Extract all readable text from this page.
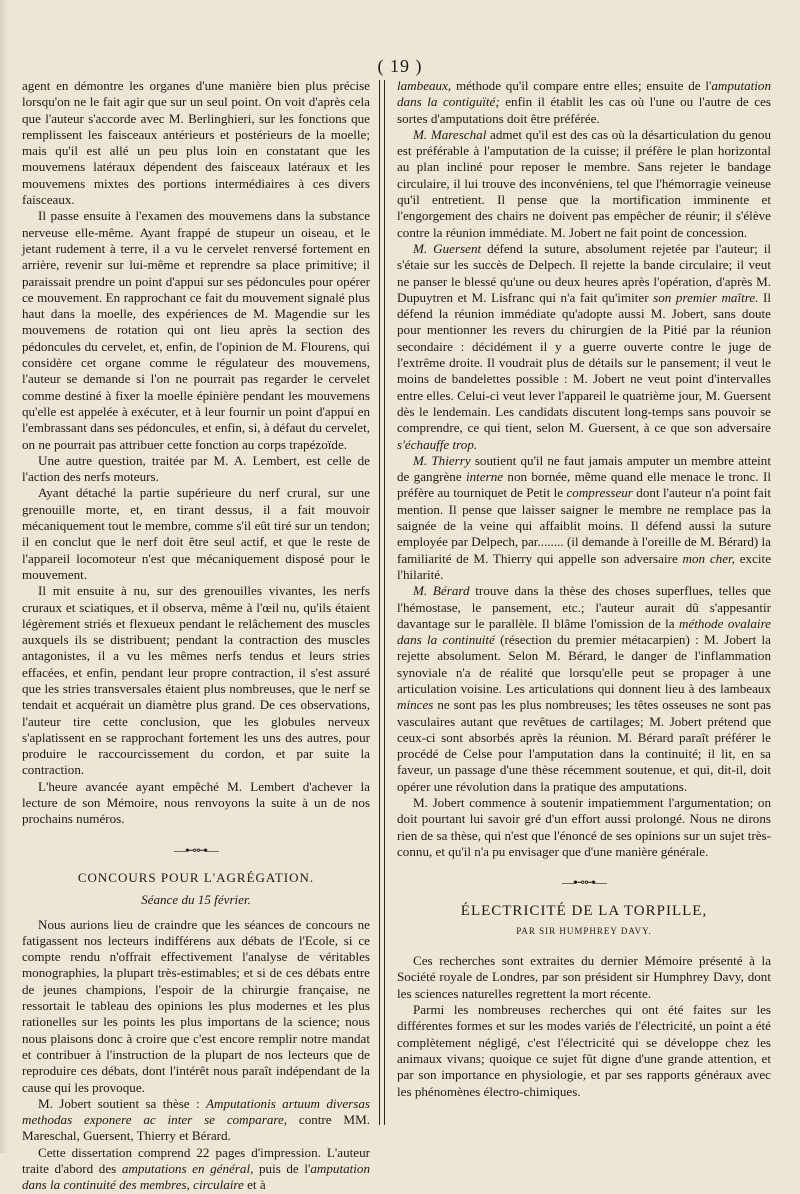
( 19 )

agent en démontre les organes d'une manière bien plus précise lorsqu'on ne le fait agir que sur un seul point. On voit d'après cela que l'auteur s'accorde avec M. Berlinghieri, sur les fonctions que remplissent les faisceaux antérieurs et postérieurs de la moelle; mais qu'il est allé un peu plus loin en constatant que les mouvemens latéraux dépendent des faisceaux latéraux et les mouvemens mixtes des portions intermédiaires à ces divers faisceaux.

Il passe ensuite à l'examen des mouvemens dans la substance nerveuse elle-même. Ayant frappé de stupeur un oiseau, et le jetant rudement à terre, il a vu le cervelet renversé fortement en arrière, revenir sur lui-même et reprendre sa place primitive; il paraissait prendre un point d'appui sur ses pédoncules pour opérer ce mouvement. En rapprochant ce fait du mouvement signalé plus haut dans la moelle, des expériences de M. Magendie sur les mouvemens de rotation qui ont lieu après la section des pédoncules du cervelet, et, enfin, de l'opinion de M. Flourens, qui considère cet organe comme le régulateur des mouvemens, l'auteur se demande si l'on ne pourrait pas regarder le cervelet comme destiné à fixer la moelle épinière pendant les mouvemens qu'elle est appelée à exécuter, et à leur fournir un point d'appui en l'embrassant dans ses pédoncules, et enfin, si, à défaut du cervelet, on ne pourrait pas attribuer cette fonction au corps trapézoïde.

Une autre question, traitée par M. A. Lembert, est celle de l'action des nerfs moteurs.

Ayant détaché la partie supérieure du nerf crural, sur une grenouille morte, et, en tirant dessus, il a fait mouvoir mécaniquement tout le membre, comme s'il eût tiré sur un tendon; il en conclut que le nerf doit être seul actif, et que le reste de l'appareil locomoteur n'est que mécaniquement disposé pour le mouvement.

Il mit ensuite à nu, sur des grenouilles vivantes, les nerfs cruraux et sciatiques, et il observa, même à l'œil nu, qu'ils étaient légèrement striés et flexueux pendant le relâchement des muscles auxquels ils se distribuent; pendant la contraction des muscles antagonistes, il a vu les mêmes nerfs tendus et leurs stries effacées, et enfin, pendant leur propre contraction, il s'est assuré que les stries transversales étaient plus nombreuses, que le nerf se tendait et acquérait un diamètre plus grand. De ces observations, l'auteur tire cette conclusion, que les globules nerveux s'aplatissent en se rapprochant fortement les uns des autres, pour produire le raccourcissement du cordon, et par suite la contraction.

L'heure avancée ayant empêché M. Lembert d'achever la lecture de son Mémoire, nous renvoyons la suite à un de nos prochains numéros.

—⊷⊶—
CONCOURS POUR L'AGRÉGATION.
Séance du 15 février.

Nous aurions lieu de craindre que les séances de concours ne fatigassent nos lecteurs indifférens aux débats de l'Ecole, si ce compte rendu n'offrait effectivement l'analyse de véritables monographies, la plupart très-estimables; et si de ces débats entre de jeunes champions, l'espoir de la chirurgie française, ne ressortait le tableau des opinions les plus modernes et les plus rationelles sur les points les plus importans de la science; nous nous plaisons donc à croire que c'est encore remplir notre mandat et contribuer à l'instruction de la plupart de nos lecteurs que de reproduire ces débats, dont l'intérêt nous paraît indépendant de la cause qui les provoque.

M. Jobert soutient sa thèse : Amputationis artuum diversas methodas exponere ac inter se comparare, contre MM. Mareschal, Guersent, Thierry et Bérard.

Cette dissertation comprend 22 pages d'impression. L'auteur traite d'abord des amputations en général, puis de l'amputation dans la continuité des membres, circulaire et à

lambeaux, méthode qu'il compare entre elles; ensuite de l'amputation dans la contiguïté; enfin il établit les cas où l'une ou l'autre de ces sortes d'amputations doit être préférée.

M. Mareschal admet qu'il est des cas où la désarticulation du genou est préférable à l'amputation de la cuisse; il préfère le plan horizontal au plan incliné pour reposer le membre. Sans rejeter le bandage circulaire, il lui trouve des inconvéniens, tel que l'hémorragie veineuse qu'il entretient. Il pense que la mortification imminente et l'engorgement des chairs ne doivent pas empêcher de réunir; il s'élève contre la réunion immédiate. M. Jobert ne fait point de concession.

M. Guersent défend la suture, absolument rejetée par l'auteur; il s'étaie sur les succès de Delpech. Il rejette la bande circulaire; il veut ne panser le blessé qu'une ou deux heures après l'opération, d'après M. Dupuytren et M. Lisfranc qui n'a fait qu'imiter son premier maître. Il défend la réunion immédiate qu'adopte aussi M. Jobert, sans doute pour mentionner les revers du chirurgien de la Pitié par la réunion secondaire : décidément il y a guerre ouverte contre le juge de l'extrême droite. Il voudrait plus de détails sur le pansement; il veut le moins de bandelettes possible : M. Jobert ne veut point d'intervalles entre elles. Celui-ci veut lever l'appareil le quatrième jour, M. Guersent dès le lendemain. Les candidats discutent long-temps sans pouvoir se comprendre, ce qui tient, selon M. Guersent, à ce que son adversaire s'échauffe trop.

M. Thierry soutient qu'il ne faut jamais amputer un membre atteint de gangrène interne non bornée, même quand elle menace le tronc. Il préfère au tourniquet de Petit le compresseur dont l'auteur n'a point fait mention. Il pense que laisser saigner le membre ne remplace pas la saignée de la veine qui affaiblit moins. Il défend aussi la suture employée par Delpech, par........ (il demande à l'oreille de M. Bérard) la familiarité de M. Thierry qui appelle son adversaire mon cher, excite l'hilarité.

M. Bérard trouve dans la thèse des choses superflues, telles que l'hémostase, le pansement, etc.; l'auteur aurait dû s'appesantir davantage sur le parallèle. Il blâme l'omission de la méthode ovalaire dans la continuité (résection du premier métacarpien) : M. Jobert la rejette absolument. Selon M. Bérard, le danger de l'inflammation synoviale n'a de réalité que lorsqu'elle peut se propager à une articulation voisine. Les articulations qui donnent lieu à des lambeaux minces ne sont pas les plus nombreuses; les têtes osseuses ne sont pas vasculaires autant que revêtues de cartilages; M. Jobert prétend que ceux-ci sont absorbés après la réunion. M. Bérard paraît préférer le procédé de Celse pour l'amputation dans la continuité; il lit, en sa faveur, un passage d'une thèse récemment soutenue, et qui, dit-il, doit opérer une révolution dans la pratique des amputations.

M. Jobert commence à soutenir impatiemment l'argumentation; on doit pourtant lui savoir gré d'un effort aussi prolongé. Nous ne dirons rien de sa thèse, qui n'est que l'énoncé de ses opinions sur un sujet très-connu, et qu'il n'a pu envisager que d'une manière générale.

—⊷⊶—
ÉLECTRICITÉ DE LA TORPILLE,
PAR SIR HUMPHREY DAVY.

Ces recherches sont extraites du dernier Mémoire présenté à la Société royale de Londres, par son président sir Humphrey Davy, dont les sciences naturelles regrettent la mort récente.

Parmi les nombreuses recherches qui ont été faites sur les différentes formes et sur les modes variés de l'électricité, un point a été complètement négligé, c'est l'électricité qui se développe chez les animaux vivans; quoique ce sujet fût digne d'une grande attention, et par son importance en physiologie, et par ses rapports généraux avec les phénomènes électro-chimiques.
